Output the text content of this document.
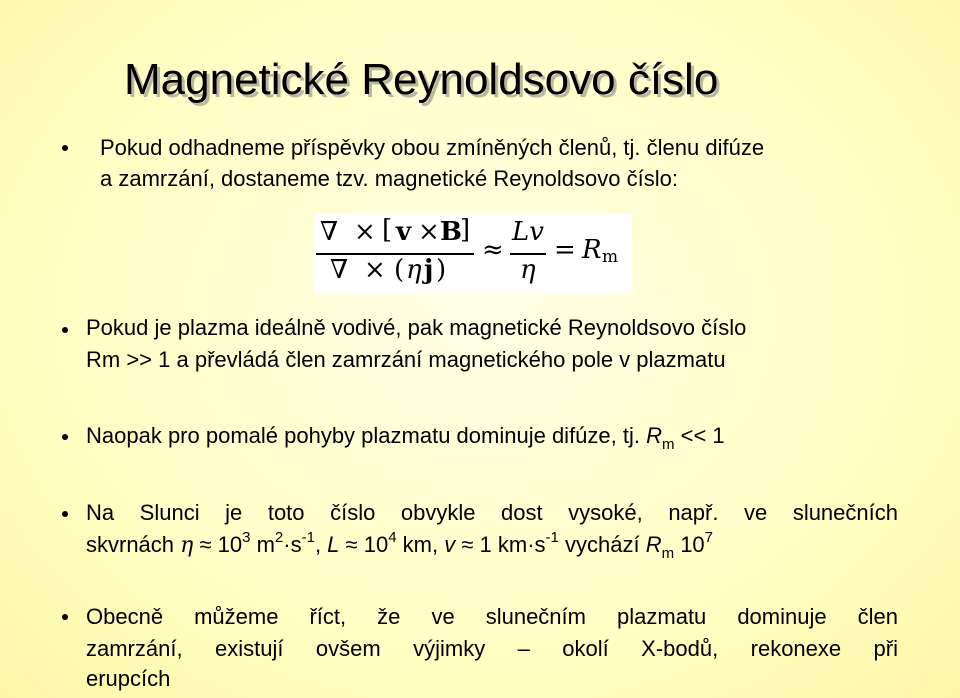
Magnetické Reynoldsovo číslo
Pokud odhadneme příspěvky obou zmíněných členů, tj. členu difúze
a zamrzání, dostaneme tzv. magnetické Reynoldsovo číslo:
∇ × [ v × B
]
∇ × ( η j )
≈
Lv
η
= R m
Pokud je plazma ideálně vodivé, pak magnetické Reynoldsovo číslo
Rm >> 1 a převládá člen zamrzání magnetického pole v plazmatu
Naopak pro pomalé pohyby plazmatu dominuje difúze, tj. $R_m << 1$
Na Slunci je toto číslo obvykle dost vysoké, např. ve slunečních
skvrnách $\eta \approx 10^3$ $m^2\cdot s^{-1}$, $L \approx 10^4$ km, v ≈ 1 $km\cdot s^{-1}$ vychází $R_m$ $10^7$
Obecně můžeme říct, že ve slunečním plazmatu dominuje člen
zamrzání, existují ovšem výjimky – okolí X-bodů, rekonexe při
erupcích
